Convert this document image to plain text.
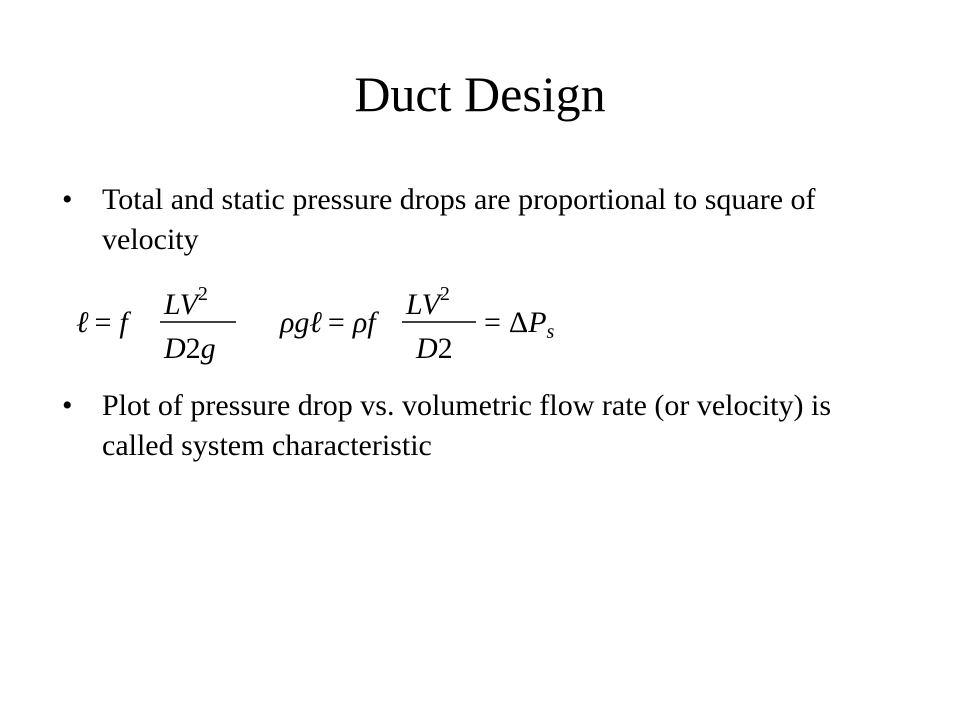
Duct Design
• Total and static pressure drops are proportional to square of velocity
ℓ = f
$LV^2$
D2g
ρgℓ = ρf
$LV^2$
D2
= $\Delta P_s$
• Plot of pressure drop vs. volumetric flow rate (or velocity) is called system characteristic
